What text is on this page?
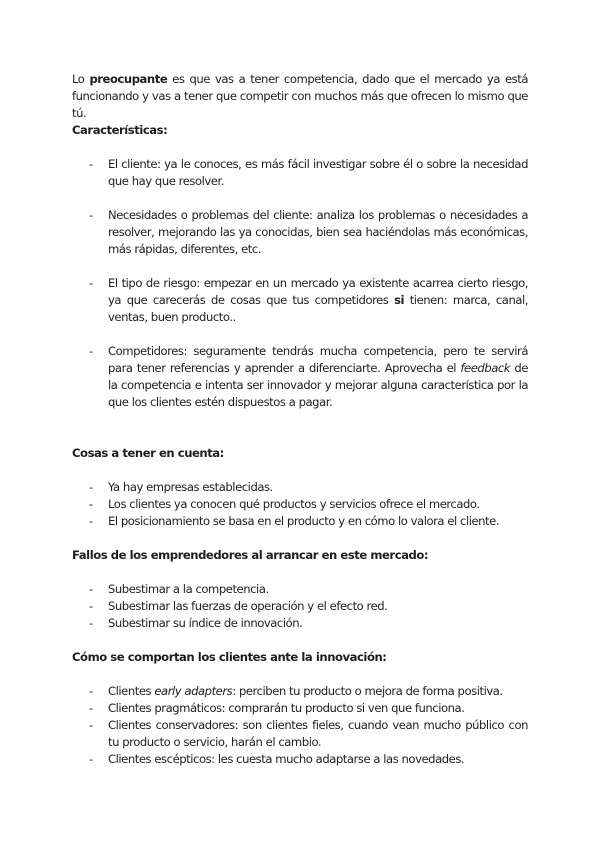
Lo preocupante es que vas a tener competencia, dado que el mercado ya está funcionando y vas a tener que competir con muchos más que ofrecen lo mismo que tú.

Características:

- El cliente: ya le conoces, es más fácil investigar sobre él o sobre la necesidad que hay que resolver.
- Necesidades o problemas del cliente: analiza los problemas o necesidades a resolver, mejorando las ya conocidas, bien sea haciéndolas más económicas, más rápidas, diferentes, etc.
- El tipo de riesgo: empezar en un mercado ya existente acarrea cierto riesgo, ya que carecerás de cosas que tus competidores si tienen: marca, canal, ventas, buen producto..
- Competidores: seguramente tendrás mucha competencia, pero te servirá para tener referencias y aprender a diferenciarte. Aprovecha el feedback de la competencia e intenta ser innovador y mejorar alguna característica por la que los clientes estén dispuestos a pagar.

Cosas a tener en cuenta:

- Ya hay empresas establecidas.
- Los clientes ya conocen qué productos y servicios ofrece el mercado.
- El posicionamiento se basa en el producto y en cómo lo valora el cliente.

Fallos de los emprendedores al arrancar en este mercado:

- Subestimar a la competencia.
- Subestimar las fuerzas de operación y el efecto red.
- Subestimar su índice de innovación.

Cómo se comportan los clientes ante la innovación:

- Clientes early adapters: perciben tu producto o mejora de forma positiva.
- Clientes pragmáticos: comprarán tu producto si ven que funciona.
- Clientes conservadores: son clientes fieles, cuando vean mucho público con tu producto o servicio, harán el cambio.
- Clientes escépticos: les cuesta mucho adaptarse a las novedades.
